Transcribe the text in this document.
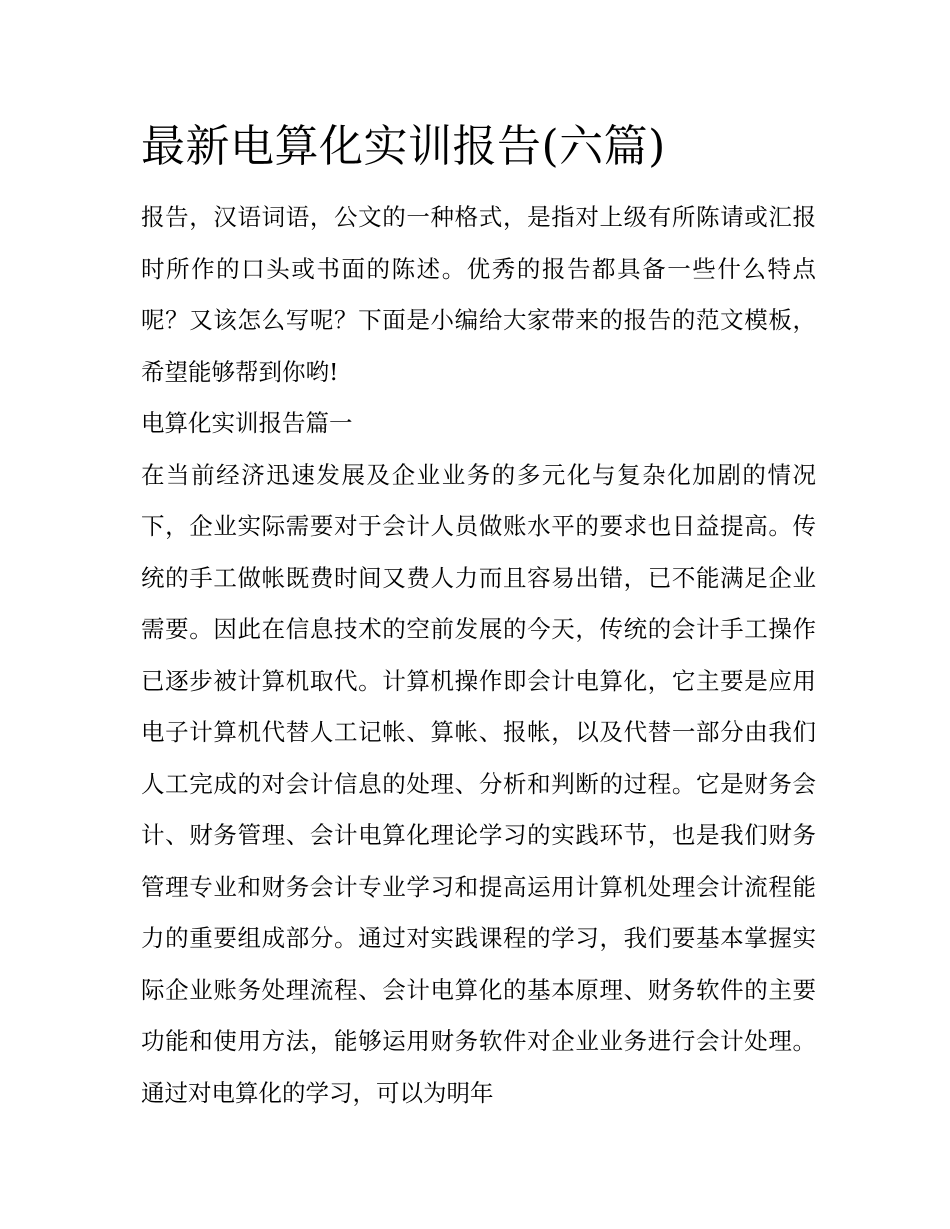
最新电算化实训报告(六篇)

报告，汉语词语，公文的一种格式，是指对上级有所陈请或汇报时所作的口头或书面的陈述。优秀的报告都具备一些什么特点呢？又该怎么写呢？下面是小编给大家带来的报告的范文模板，希望能够帮到你哟!

电算化实训报告篇一

在当前经济迅速发展及企业业务的多元化与复杂化加剧的情况下，企业实际需要对于会计人员做账水平的要求也日益提高。传统的手工做帐既费时间又费人力而且容易出错，已不能满足企业需要。因此在信息技术的空前发展的今天，传统的会计手工操作已逐步被计算机取代。计算机操作即会计电算化，它主要是应用电子计算机代替人工记帐、算帐、报帐，以及代替一部分由我们人工完成的对会计信息的处理、分析和判断的过程。它是财务会计、财务管理、会计电算化理论学习的实践环节，也是我们财务管理专业和财务会计专业学习和提高运用计算机处理会计流程能力的重要组成部分。通过对实践课程的学习，我们要基本掌握实际企业账务处理流程、会计电算化的基本原理、财务软件的主要功能和使用方法，能够运用财务软件对企业业务进行会计处理。通过对电算化的学习，可以为明年
